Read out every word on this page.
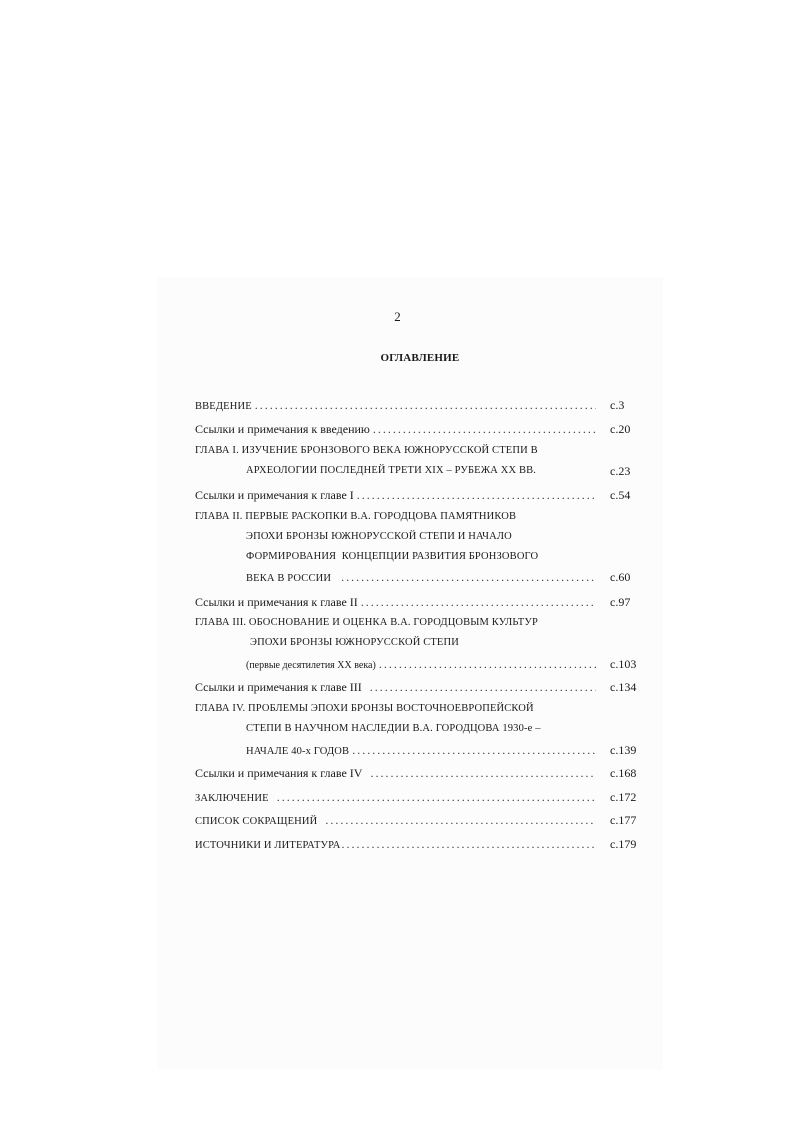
2
ОГЛАВЛЕНИЕ
ВВЕДЕНИЕ . . .	с.3
Ссылки и примечания к введению . . .	с.20
ГЛАВА I. ИЗУЧЕНИЕ БРОНЗОВОГО ВЕКА ЮЖНОРУССКОЙ СТЕПИ В
АРХЕОЛОГИИ ПОСЛЕДНЕЙ ТРЕТИ XIX – РУБЕЖА XX ВВ.	с.23
Ссылки и примечания к главе I . . .	с.54
ГЛАВА II. ПЕРВЫЕ РАСКОПКИ В.А. ГОРОДЦОВА ПАМЯТНИКОВ
ЭПОХИ БРОНЗЫ ЮЖНОРУССКОЙ СТЕПИ И НАЧАЛО
ФОРМИРОВАНИЯ  КОНЦЕПЦИИ РАЗВИТИЯ БРОНЗОВОГО
ВЕКА В РОССИИ . . .	с.60
Ссылки и примечания к главе II . . .	с.97
ГЛАВА III. ОБОСНОВАНИЕ И ОЦЕНКА В.А. ГОРОДЦОВЫМ КУЛЬТУР
ЭПОХИ БРОНЗЫ ЮЖНОРУССКОЙ СТЕПИ
(первые десятилетия XX века) . . .	с.103
Ссылки и примечания к главе III . . .	с.134
ГЛАВА IV. ПРОБЛЕМЫ ЭПОХИ БРОНЗЫ ВОСТОЧНОЕВРОПЕЙСКОЙ
СТЕПИ В НАУЧНОМ НАСЛЕДИИ В.А. ГОРОДЦОВА 1930-е –
НАЧАЛЕ 40-х ГОДОВ . . .	с.139
Ссылки и примечания к главе IV . . .	с.168
ЗАКЛЮЧЕНИЕ . . .	с.172
СПИСОК СОКРАЩЕНИЙ . . .	с.177
ИСТОЧНИКИ И ЛИТЕРАТУРА . . .	с.179
